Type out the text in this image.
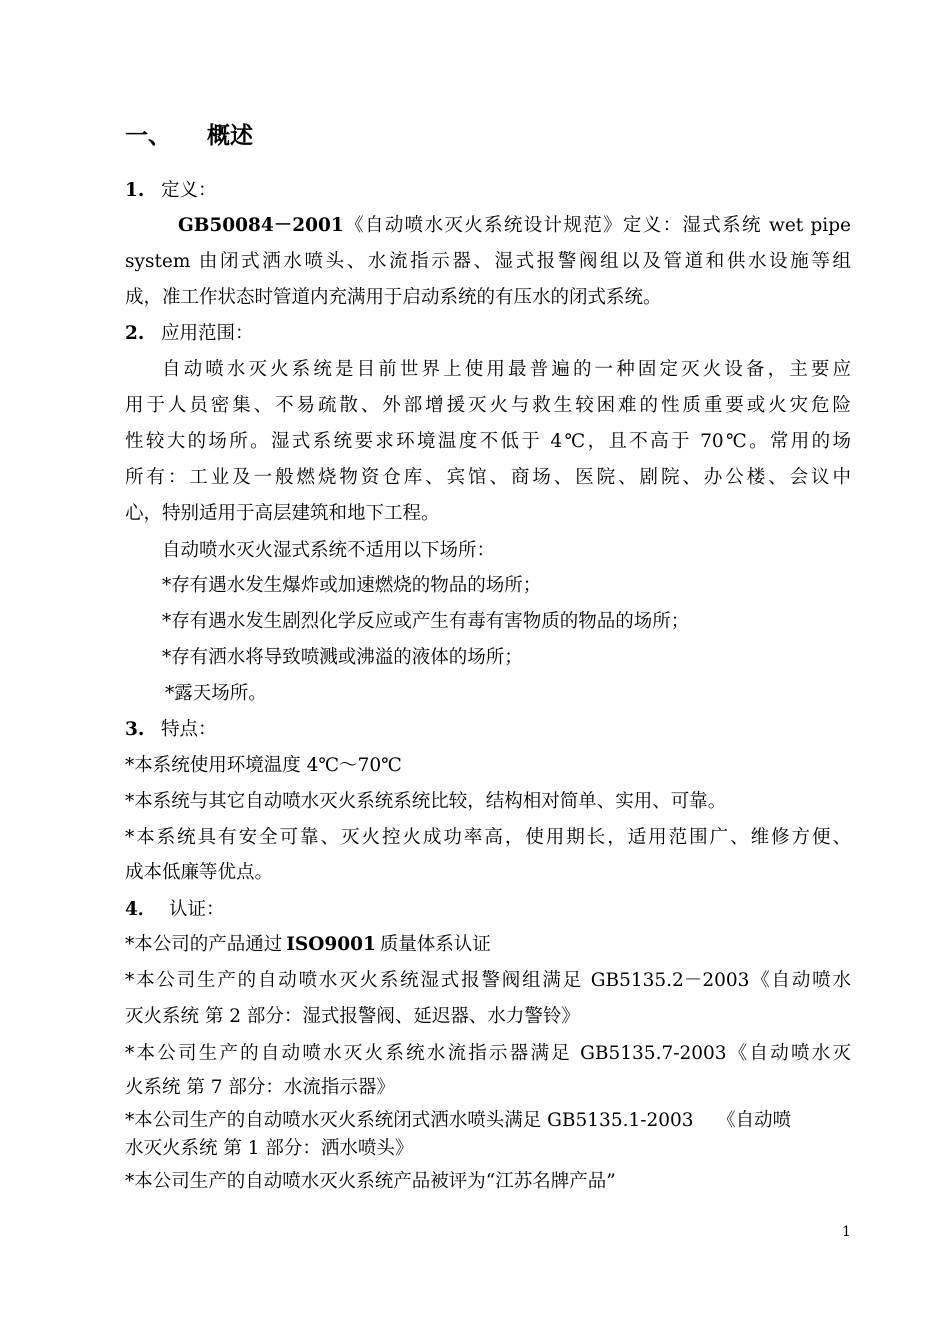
一、 概述
1. 定义：
GB50084－2001《自动喷水灭火系统设计规范》定义：湿式系统 wet pipe
system 由闭式洒水喷头、水流指示器、湿式报警阀组以及管道和供水设施等组
成，准工作状态时管道内充满用于启动系统的有压水的闭式系统。
2. 应用范围：
自动喷水灭火系统是目前世界上使用最普遍的一种固定灭火设备，主要应
用于人员密集、不易疏散、外部增援灭火与救生较困难的性质重要或火灾危险
性较大的场所。湿式系统要求环境温度不低于 4℃，且不高于 70℃。常用的场
所有：工业及一般燃烧物资仓库、宾馆、商场、医院、剧院、办公楼、会议中
心，特别适用于高层建筑和地下工程。
自动喷水灭火湿式系统不适用以下场所：
*存有遇水发生爆炸或加速燃烧的物品的场所；
*存有遇水发生剧烈化学反应或产生有毒有害物质的物品的场所；
*存有洒水将导致喷溅或沸溢的液体的场所；
*露天场所。
3. 特点：
*本系统使用环境温度 4℃～70℃
*本系统与其它自动喷水灭火系统系统比较，结构相对简单、实用、可靠。
*本系统具有安全可靠、灭火控火成功率高，使用期长，适用范围广、维修方便、
成本低廉等优点。
4． 认证：
*本公司的产品通过 ISO9001 质量体系认证
*本公司生产的自动喷水灭火系统湿式报警阀组满足 GB5135.2－2003《自动喷水
灭火系统 第 2 部分：湿式报警阀、延迟器、水力警铃》
*本公司生产的自动喷水灭火系统水流指示器满足 GB5135.7-2003《自动喷水灭
火系统 第 7 部分：水流指示器》
*本公司生产的自动喷水灭火系统闭式洒水喷头满足 GB5135.1-2003    《自动喷
水灭火系统 第 1 部分：洒水喷头》
*本公司生产的自动喷水灭火系统产品被评为“江苏名牌产品”
1
